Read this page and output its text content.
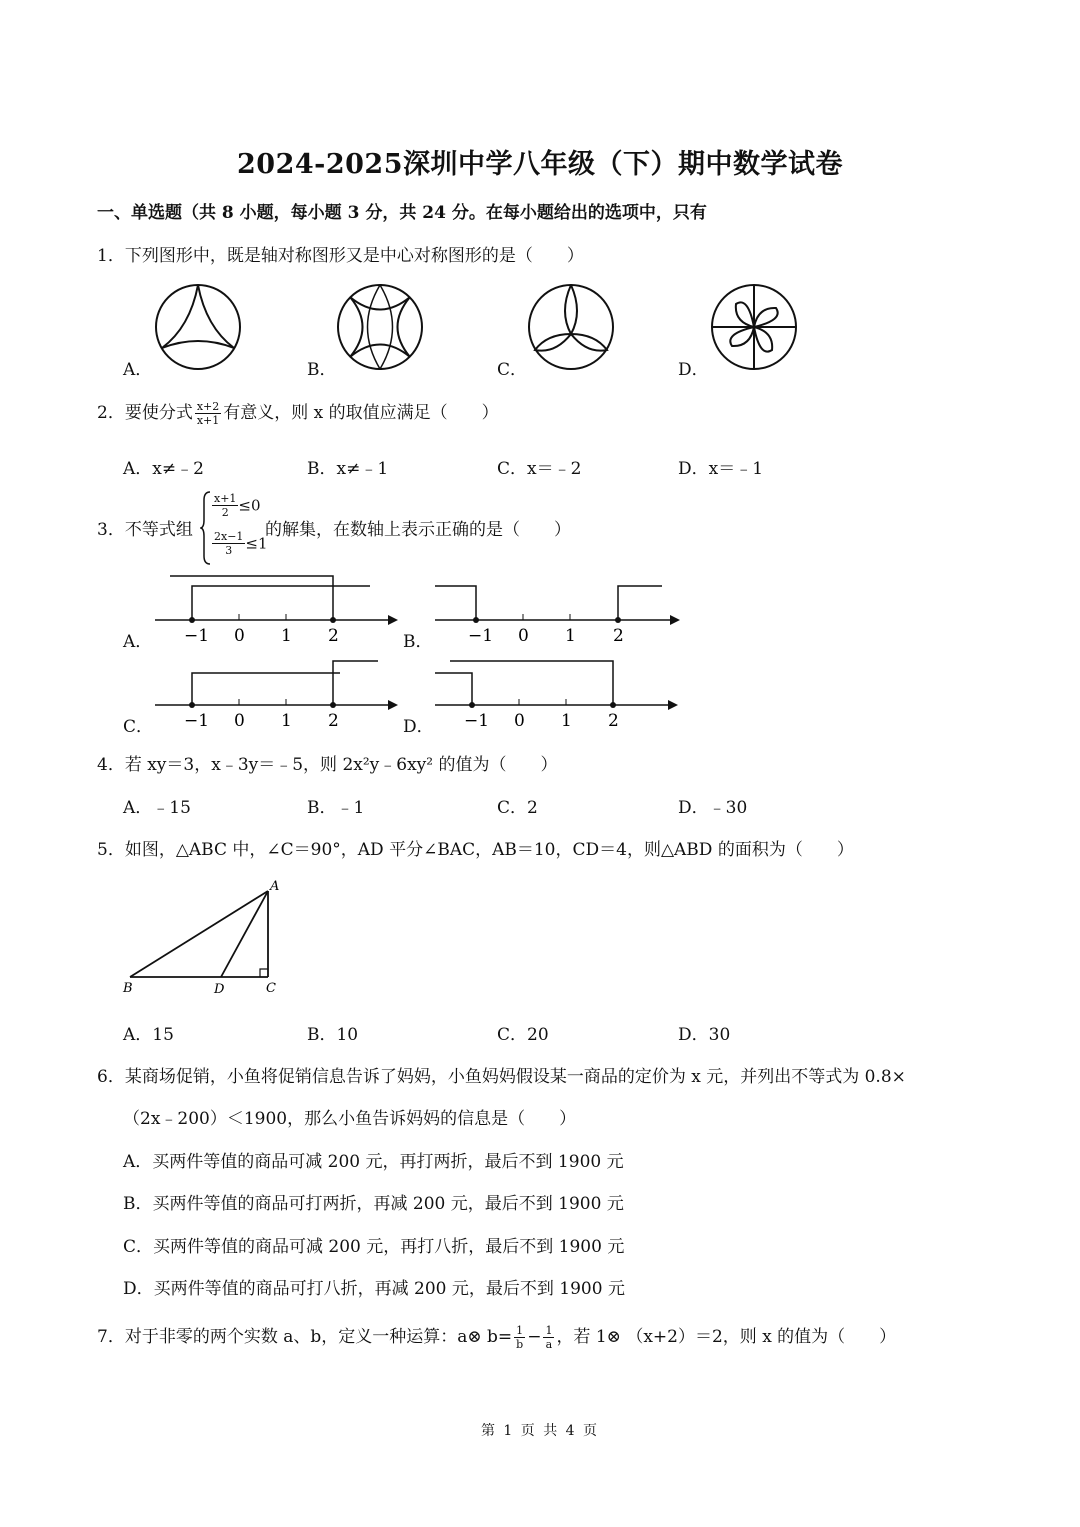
2024-2025深圳中学八年级（下）期中数学试卷
一、单选题（共 8 小题，每小题 3 分，共 24 分。在每小题给出的选项中，只有
1．下列图形中，既是轴对称图形又是中心对称图形的是（　　）
A．	B．	C．	D．
2．要使分式 $\frac{x+2}{x+1}$ 有意义，则 x 的取值应满足（　　）
A．x≠﹣2	B．x≠﹣1	C．x＝﹣2	D．x＝﹣1
3．不等式组
$\frac{x+1}{2} \le 0$
$\frac{2x-1}{3} \le 1$
的解集，在数轴上表示正确的是（　　）
−1 0 1 2
A．	−1 0 1 2
B．
−1 0 1 2
C．	−1 0 1 2
D．
4．若 xy＝3，x﹣3y＝﹣5，则 2x²y﹣6xy² 的值为（　　）
A．﹣15	B．﹣1	C．2	D．﹣30
5．如图，△ABC 中，∠C＝90°，AD 平分∠BAC，AB＝10，CD＝4，则△ABD 的面积为（　　）
A
B	D	C
A．15	B．10	C．20	D．30
6．某商场促销，小鱼将促销信息告诉了妈妈，小鱼妈妈假设某一商品的定价为 x 元，并列出不等式为 0.8×
（2x﹣200）＜1900，那么小鱼告诉妈妈的信息是（　　）
A．买两件等值的商品可减 200 元，再打两折，最后不到 1900 元
B．买两件等值的商品可打两折，再减 200 元，最后不到 1900 元
C．买两件等值的商品可减 200 元，再打八折，最后不到 1900 元
D．买两件等值的商品可打八折，再减 200 元，最后不到 1900 元
7．对于非零的两个实数 a、b，定义一种运算：a⊗ $b= \frac{1}{b} - \frac{1}{a}$ ，若 1⊗ （x+2）＝2，则 x 的值为（　　）
第 1 页 共 4 页
